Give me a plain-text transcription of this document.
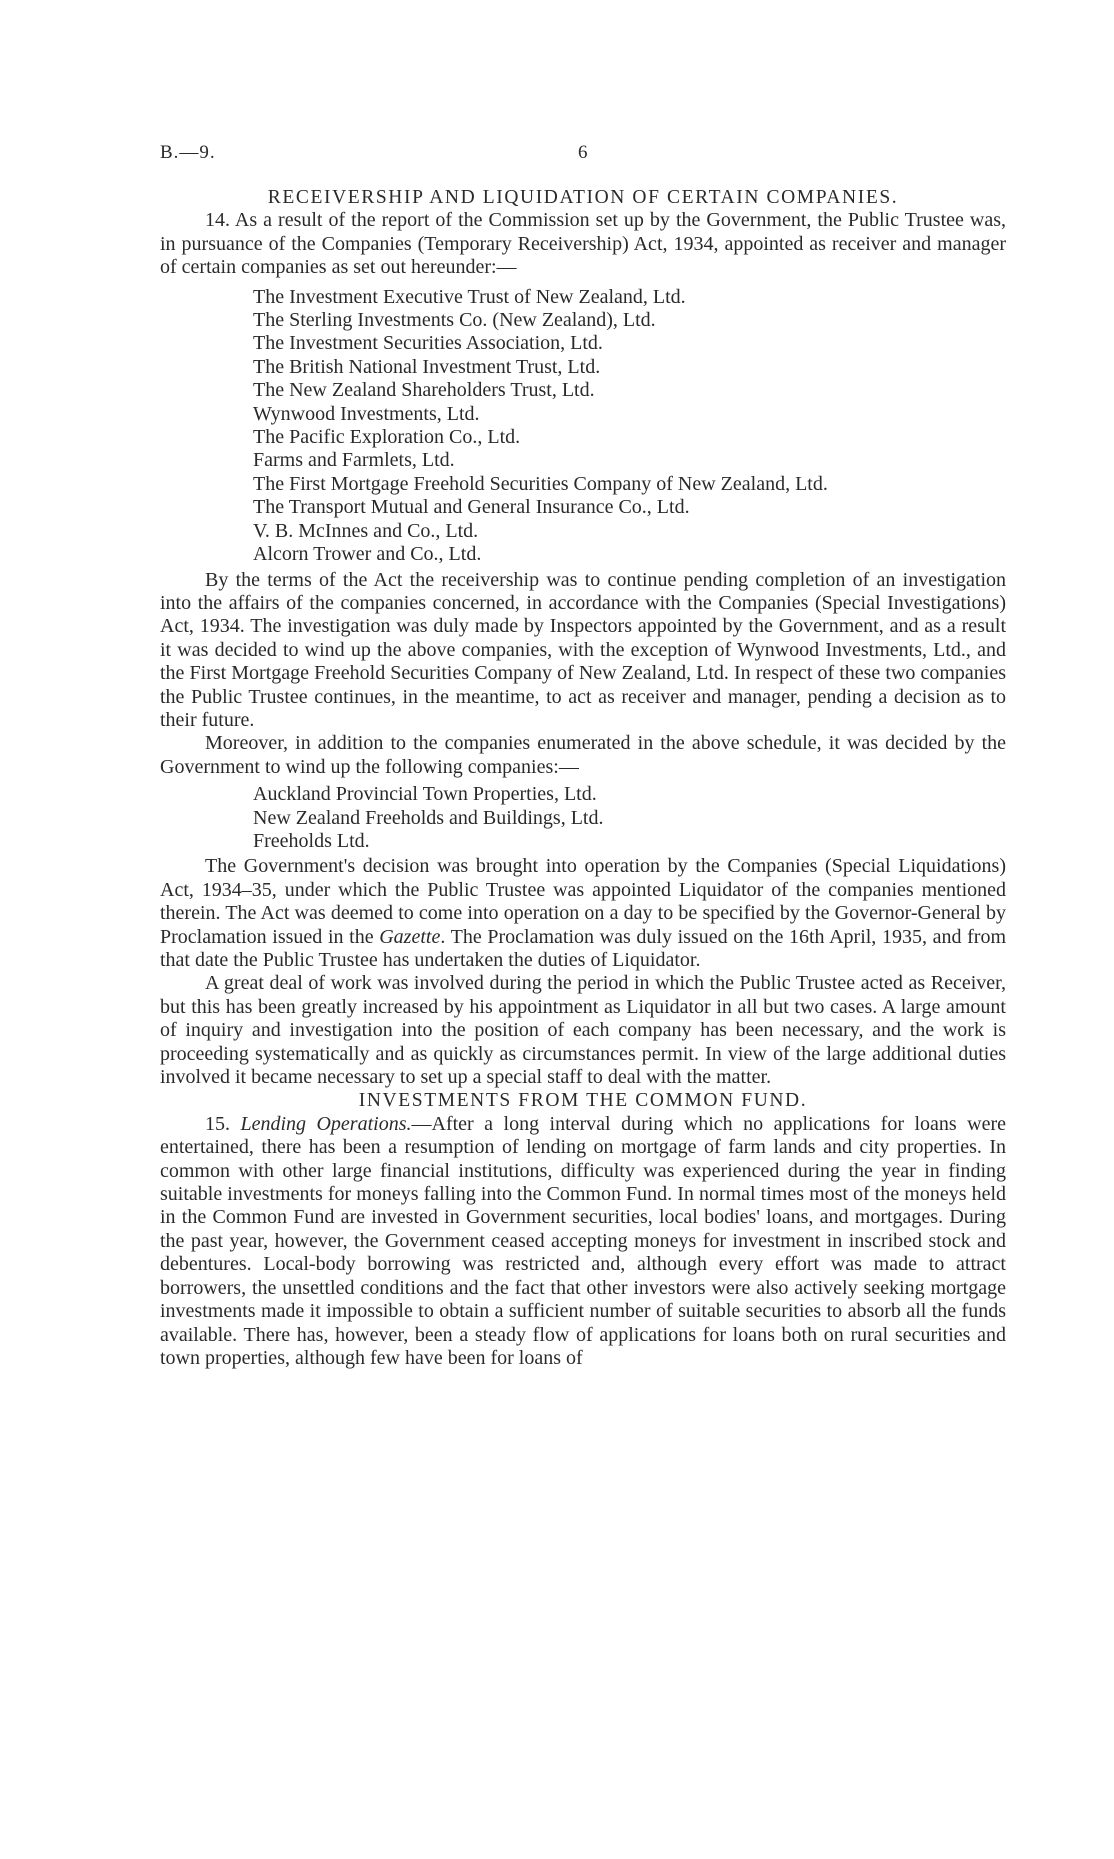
B.—9.	6

RECEIVERSHIP AND LIQUIDATION OF CERTAIN COMPANIES.

14. As a result of the report of the Commission set up by the Government, the Public Trustee was, in pursuance of the Companies (Temporary Receivership) Act, 1934, appointed as receiver and manager of certain companies as set out hereunder:—

The Investment Executive Trust of New Zealand, Ltd.
The Sterling Investments Co. (New Zealand), Ltd.
The Investment Securities Association, Ltd.
The British National Investment Trust, Ltd.
The New Zealand Shareholders Trust, Ltd.
Wynwood Investments, Ltd.
The Pacific Exploration Co., Ltd.
Farms and Farmlets, Ltd.
The First Mortgage Freehold Securities Company of New Zealand, Ltd.
The Transport Mutual and General Insurance Co., Ltd.
V. B. McInnes and Co., Ltd.
Alcorn Trower and Co., Ltd.

By the terms of the Act the receivership was to continue pending completion of an investigation into the affairs of the companies concerned, in accordance with the Companies (Special Investigations) Act, 1934. The investigation was duly made by Inspectors appointed by the Government, and as a result it was decided to wind up the above companies, with the exception of Wynwood Investments, Ltd., and the First Mortgage Freehold Securities Company of New Zealand, Ltd. In respect of these two companies the Public Trustee continues, in the meantime, to act as receiver and manager, pending a decision as to their future.

Moreover, in addition to the companies enumerated in the above schedule, it was decided by the Government to wind up the following companies:—

Auckland Provincial Town Properties, Ltd.
New Zealand Freeholds and Buildings, Ltd.
Freeholds Ltd.

The Government's decision was brought into operation by the Companies (Special Liquidations) Act, 1934–35, under which the Public Trustee was appointed Liquidator of the companies mentioned therein. The Act was deemed to come into operation on a day to be specified by the Governor-General by Proclamation issued in the Gazette. The Proclamation was duly issued on the 16th April, 1935, and from that date the Public Trustee has undertaken the duties of Liquidator.

A great deal of work was involved during the period in which the Public Trustee acted as Receiver, but this has been greatly increased by his appointment as Liquidator in all but two cases. A large amount of inquiry and investigation into the position of each company has been necessary, and the work is proceeding systematically and as quickly as circumstances permit. In view of the large additional duties involved it became necessary to set up a special staff to deal with the matter.

INVESTMENTS FROM THE COMMON FUND.

15. Lending Operations.—After a long interval during which no applications for loans were entertained, there has been a resumption of lending on mortgage of farm lands and city properties. In common with other large financial institutions, difficulty was experienced during the year in finding suitable investments for moneys falling into the Common Fund. In normal times most of the moneys held in the Common Fund are invested in Government securities, local bodies' loans, and mortgages. During the past year, however, the Government ceased accepting moneys for investment in inscribed stock and debentures. Local-body borrowing was restricted and, although every effort was made to attract borrowers, the unsettled conditions and the fact that other investors were also actively seeking mortgage investments made it impossible to obtain a sufficient number of suitable securities to absorb all the funds available. There has, however, been a steady flow of applications for loans both on rural securities and town properties, although few have been for loans of
